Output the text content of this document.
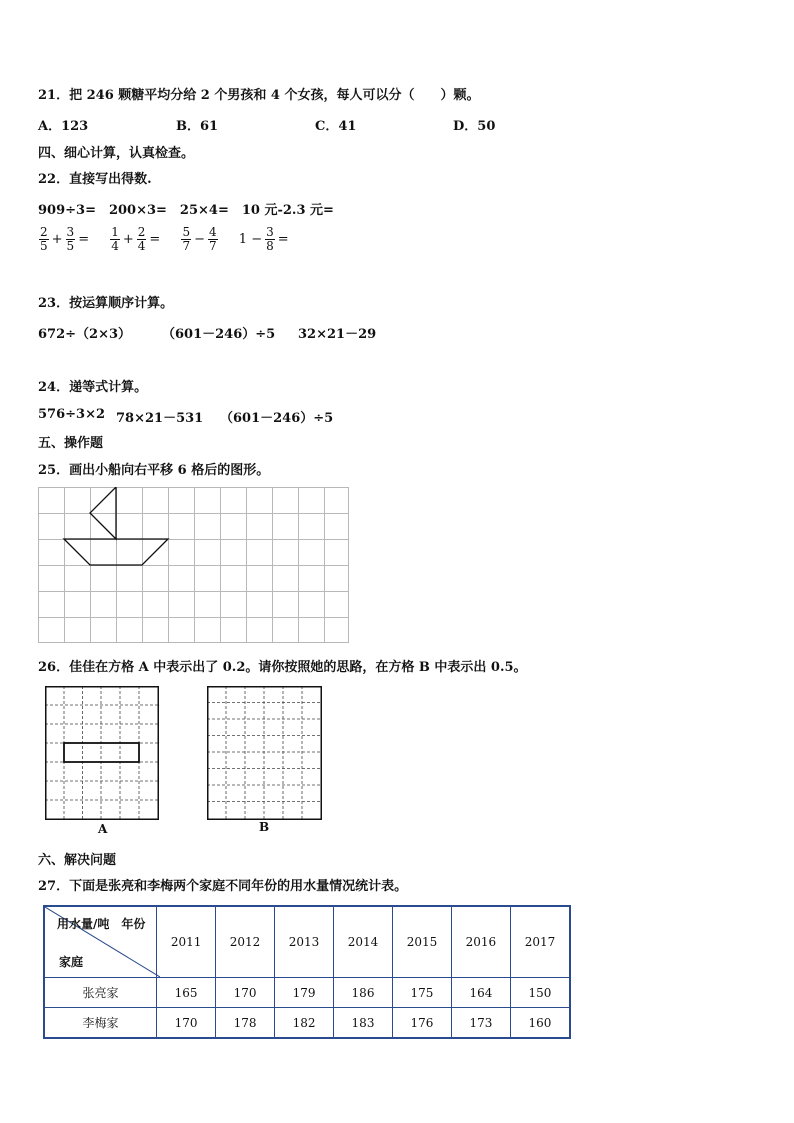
21．把 246 颗糖平均分给 2 个男孩和 4 个女孩，每人可以分（　　）颗。
A．123	B．61	C．41	D．50
四、细心计算，认真检查。
22．直接写出得数.
909÷3=　200×3=　25×4=　10 元-2.3 元=
$\frac{2}{5} + \frac{3}{5} = \frac{1}{4} + \frac{2}{4} = \frac{5}{7} - \frac{4}{7} 1 - \frac{3}{8}$ =
23．按运算顺序计算。
672÷（2×3） （601－246）÷5 32×21－29
24．递等式计算。
576÷3×2 78×21－531 （601－246）÷5
五、操作题
25．画出小船向右平移 6 格后的图形。
26．佳佳在方格 A 中表示出了 0.2。请你按照她的思路，在方格 B 中表示出 0.5。
A	B
六、解决问题
27．下面是张亮和李梅两个家庭不同年份的用水量情况统计表。
用水量/吨　年份
家庭	2011	2012	2013	2014	2015	2016	2017
张亮家	165	170	179	186	175	164	150
李梅家	170	178	182	183	176	173	160
